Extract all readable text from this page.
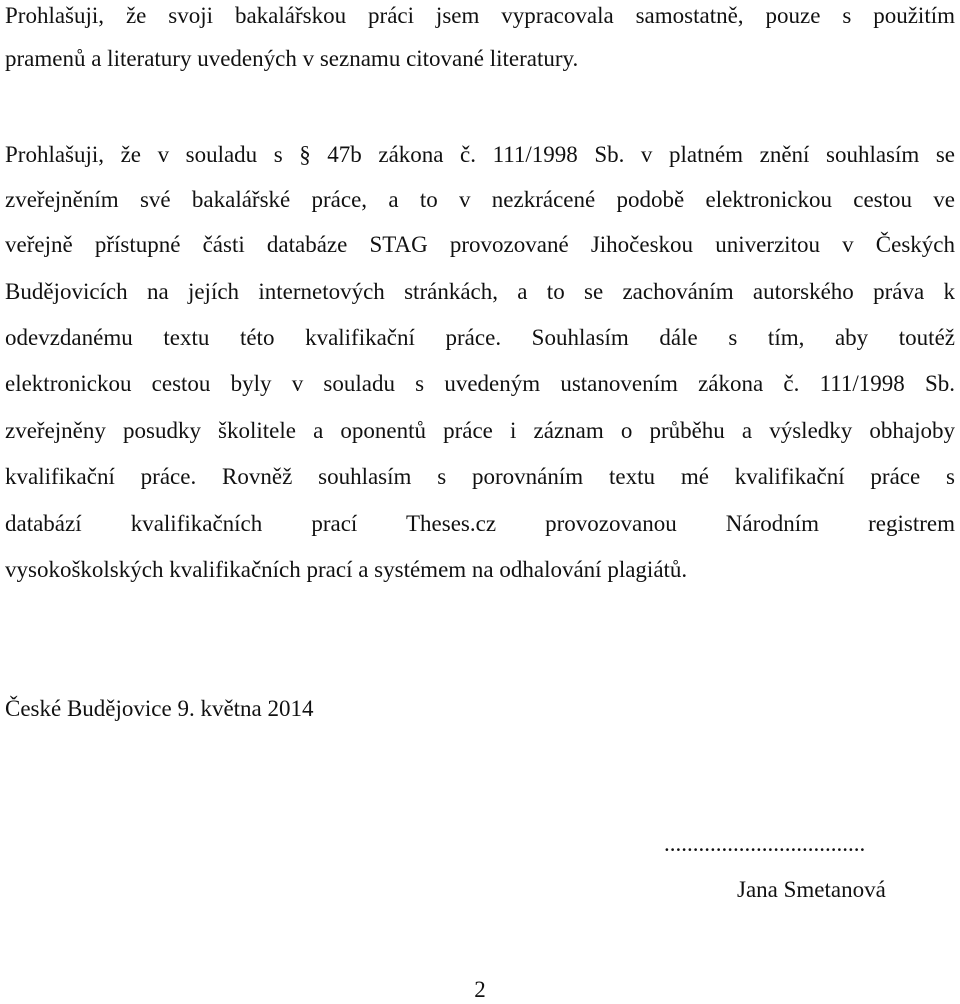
Prohlašuji, že svoji bakalářskou práci jsem vypracovala samostatně, pouze s použitím
pramenů a literatury uvedených v seznamu citované literatury.
Prohlašuji, že v souladu s § 47b zákona č. 111/1998 Sb. v platném znění souhlasím se
zveřejněním své bakalářské práce, a to v nezkrácené podobě elektronickou cestou ve
veřejně přístupné části databáze STAG provozované Jihočeskou univerzitou v Českých
Budějovicích na jejích internetových stránkách, a to se zachováním autorského práva k
odevzdanému textu této kvalifikační práce. Souhlasím dále s tím, aby toutéž
elektronickou cestou byly v souladu s uvedeným ustanovením zákona č. 111/1998 Sb.
zveřejněny posudky školitele a oponentů práce i záznam o průběhu a výsledky obhajoby
kvalifikační práce. Rovněž souhlasím s porovnáním textu mé kvalifikační práce s
databází kvalifikačních prací Theses.cz provozovanou Národním registrem
vysokoškolských kvalifikačních prací a systémem na odhalování plagiátů.
České Budějovice 9. května 2014
...................................
Jana Smetanová
2
